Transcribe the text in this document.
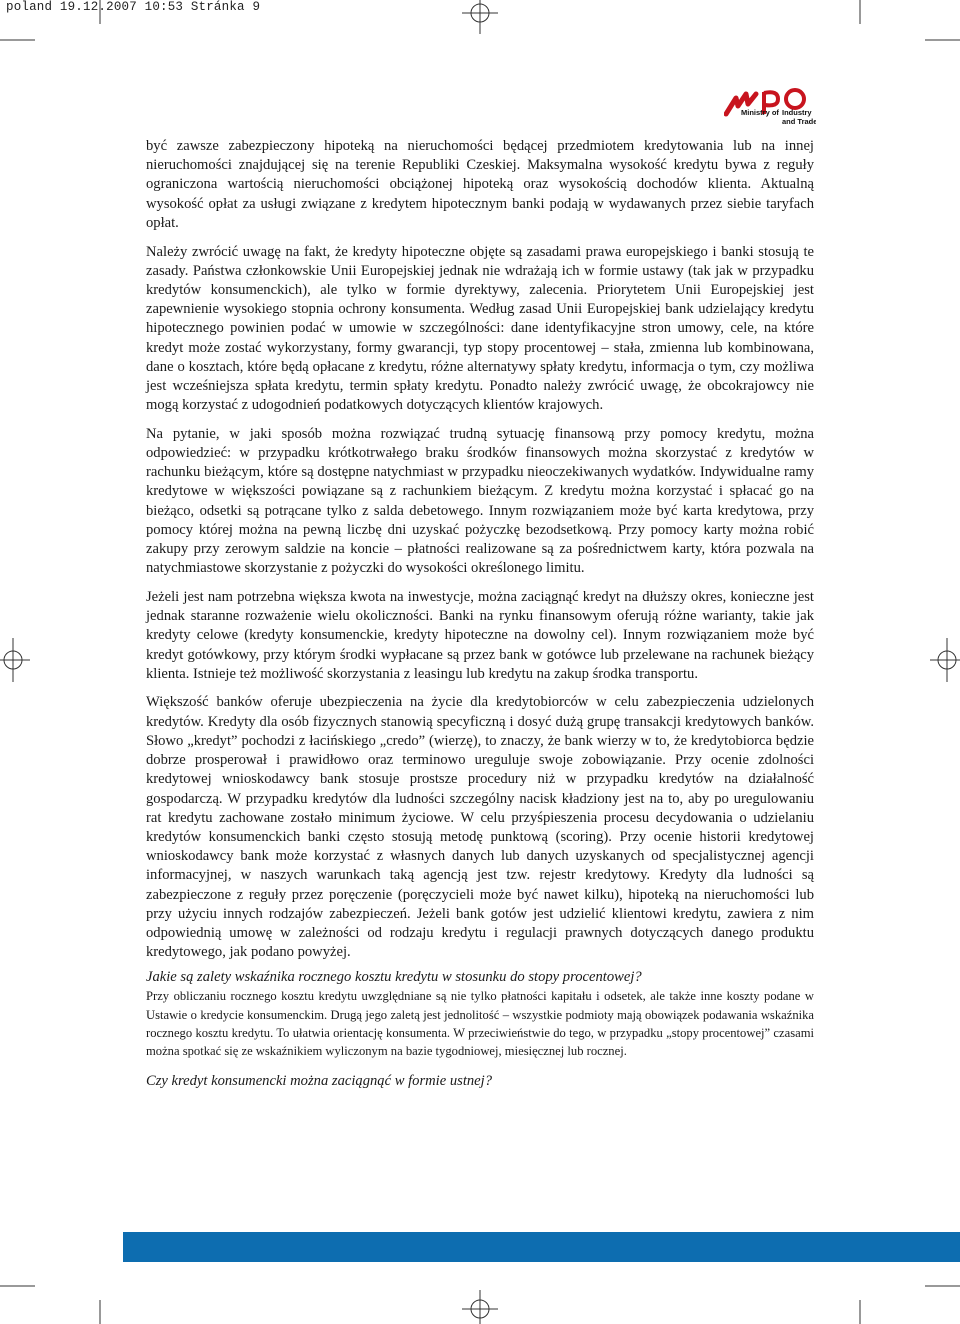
poland 19.12.2007 10:53 Stránka 9
Ministry of Industry
and Trade

być zawsze zabezpieczony hipoteką na nieruchomości będącej przedmiotem kredytowania lub na innej nieruchomości znajdującej się na terenie Republiki Czeskiej. Maksymalna wysokość kredytu bywa z reguły ograniczona wartością nieruchomości obciążonej hipoteką oraz wysokością dochodów klienta. Aktualną wysokość opłat za usługi związane z kredytem hipotecznym banki podają w wydawanych przez siebie taryfach opłat.

Należy zwrócić uwagę na fakt, że kredyty hipoteczne objęte są zasadami prawa europejskiego i banki stosują te zasady. Państwa członkowskie Unii Europejskiej jednak nie wdrażają ich w formie ustawy (tak jak w przypadku kredytów konsumenckich), ale tylko w formie dyrektywy, zalecenia. Priorytetem Unii Europejskiej jest zapewnienie wysokiego stopnia ochrony konsumenta. Według zasad Unii Europejskiej bank udzielający kredytu hipotecznego powinien podać w umowie w szczególności: dane identyfikacyjne stron umowy, cele, na które kredyt może zostać wykorzystany, formy gwarancji, typ stopy procentowej – stała, zmienna lub kombinowana, dane o kosztach, które będą opłacane z kredytu, różne alternatywy spłaty kredytu, informacja o tym, czy możliwa jest wcześniejsza spłata kredytu, termin spłaty kredytu. Ponadto należy zwrócić uwagę, że obcokrajowcy nie mogą korzystać z udogodnień podatkowych dotyczących klientów krajowych.

Na pytanie, w jaki sposób można rozwiązać trudną sytuację finansową przy pomocy kredytu, można odpowiedzieć: w przypadku krótkotrwałego braku środków finansowych można skorzystać z kredytów w rachunku bieżącym, które są dostępne natychmiast w przypadku nieoczekiwanych wydatków. Indywidualne ramy kredytowe w większości powiązane są z rachunkiem bieżącym. Z kredytu można korzystać i spłacać go na bieżąco, odsetki są potrącane tylko z salda debetowego. Innym rozwiązaniem może być karta kredytowa, przy pomocy której można na pewną liczbę dni uzyskać pożyczkę bezodsetkową. Przy pomocy karty można robić zakupy przy zerowym saldzie na koncie – płatności realizowane są za pośrednictwem karty, która pozwala na natychmiastowe skorzystanie z pożyczki do wysokości określonego limitu.

Jeżeli jest nam potrzebna większa kwota na inwestycje, można zaciągnąć kredyt na dłuższy okres, konieczne jest jednak staranne rozważenie wielu okoliczności. Banki na rynku finansowym oferują różne warianty, takie jak kredyty celowe (kredyty konsumenckie, kredyty hipoteczne na dowolny cel). Innym rozwiązaniem może być kredyt gotówkowy, przy którym środki wypłacane są przez bank w gotówce lub przelewane na rachunek bieżący klienta. Istnieje też możliwość skorzystania z leasingu lub kredytu na zakup środka transportu.

Większość banków oferuje ubezpieczenia na życie dla kredytobiorców w celu zabezpieczenia udzielonych kredytów. Kredyty dla osób fizycznych stanowią specyficzną i dosyć dużą grupę transakcji kredytowych banków. Słowo „kredyt” pochodzi z łacińskiego „credo” (wierzę), to znaczy, że bank wierzy w to, że kredytobiorca będzie dobrze prosperował i prawidłowo oraz terminowo ureguluje swoje zobowiązanie. Przy ocenie zdolności kredytowej wnioskodawcy bank stosuje prostsze procedury niż w przypadku kredytów na działalność gospodarczą. W przypadku kredytów dla ludności szczególny nacisk kładziony jest na to, aby po uregulowaniu rat kredytu zachowane zostało minimum życiowe. W celu przyśpieszenia procesu decydowania o udzielaniu kredytów konsumenckich banki często stosują metodę punktową (scoring). Przy ocenie historii kredytowej wnioskodawcy bank może korzystać z własnych danych lub danych uzyskanych od specjalistycznej agencji informacyjnej, w naszych warunkach taką agencją jest tzw. rejestr kredytowy. Kredyty dla ludności są zabezpieczone z reguły przez poręczenie (poręczycieli może być nawet kilku), hipoteką na nieruchomości lub przy użyciu innych rodzajów zabezpieczeń. Jeżeli bank gotów jest udzielić klientowi kredytu, zawiera z nim odpowiednią umowę w zależności od rodzaju kredytu i regulacji prawnych dotyczących danego produktu kredytowego, jak podano powyżej.

Jakie są zalety wskaźnika rocznego kosztu kredytu w stosunku do stopy procentowej?

Przy obliczaniu rocznego kosztu kredytu uwzględniane są nie tylko płatności kapitału i odsetek, ale także inne koszty podane w Ustawie o kredycie konsumenckim. Drugą jego zaletą jest jednolitość – wszystkie podmioty mają obowiązek podawania wskaźnika rocznego kosztu kredytu. To ułatwia orientację konsumenta. W przeciwieństwie do tego, w przypadku „stopy procentowej” czasami można spotkać się ze wskaźnikiem wyliczonym na bazie tygodniowej, miesięcznej lub rocznej.

Czy kredyt konsumencki można zaciągnąć w formie ustnej?
